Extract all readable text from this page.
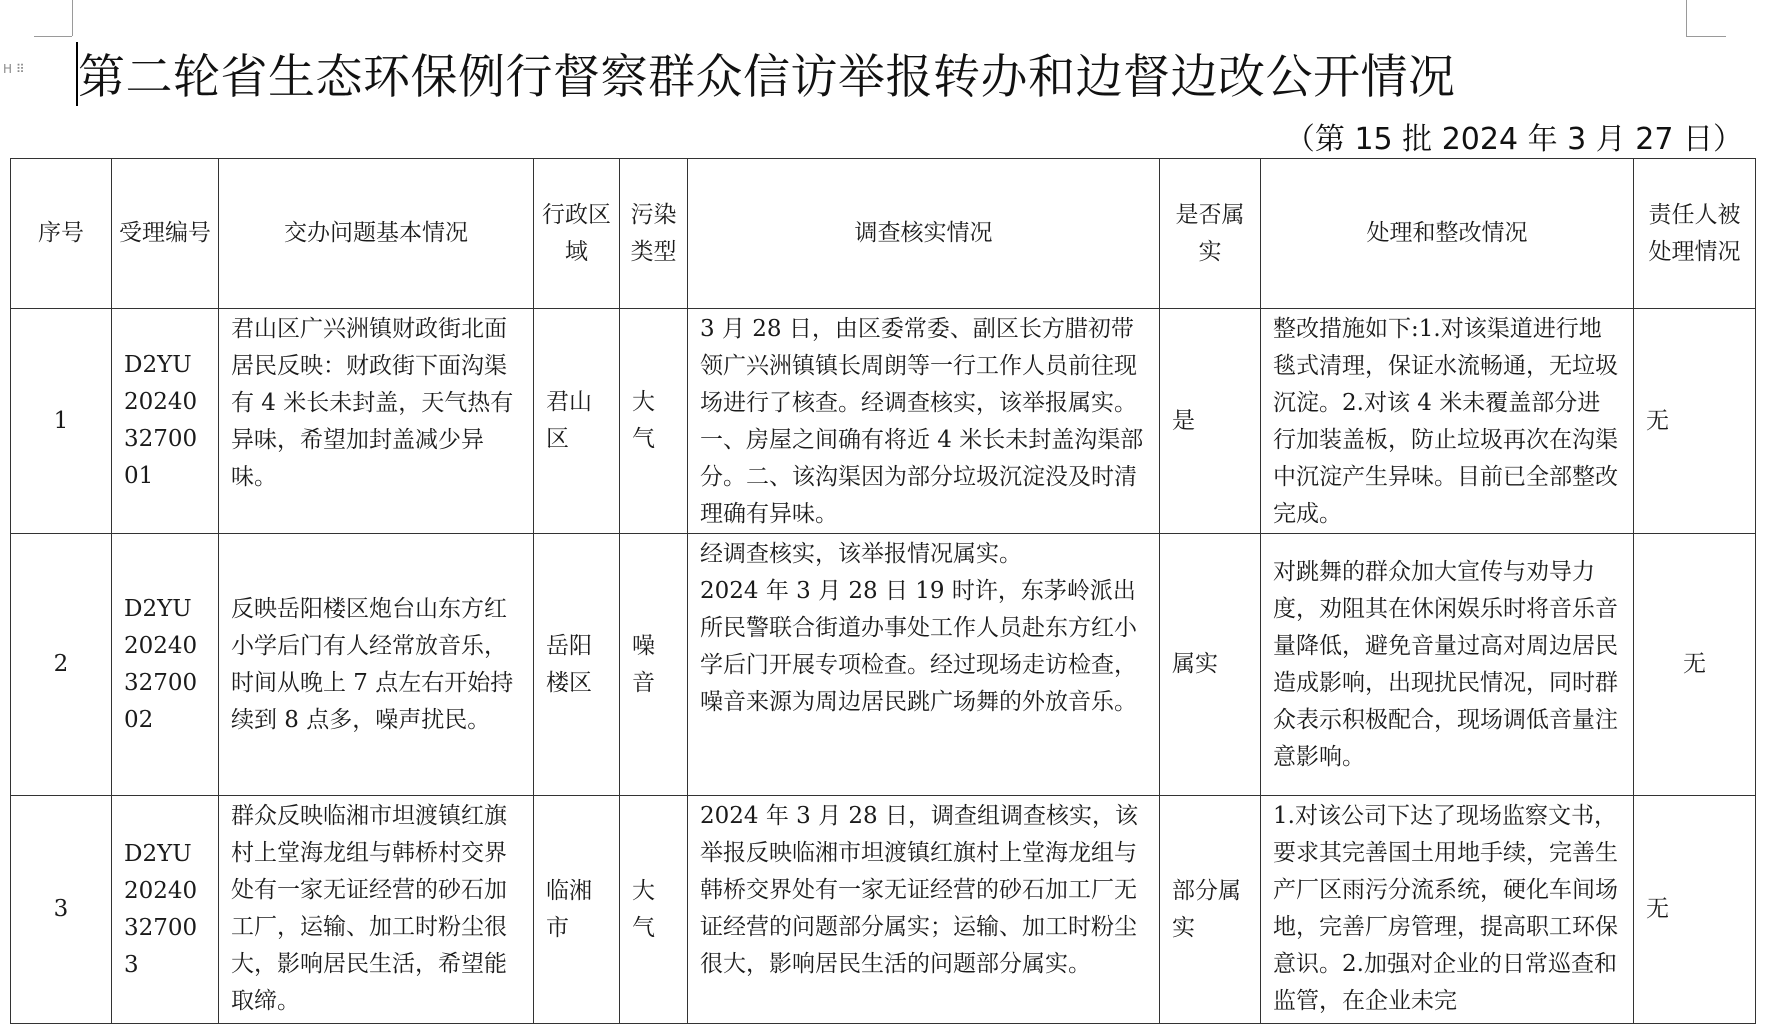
H ⠿ 第二轮省生态环保例行督察群众信访举报转办和边督边改公开情况
（第 15 批 2024 年 3 月 27 日）
序号	受理编号	交办问题基本情况	行政区域	污染类型	调查核实情况	是否属实	处理和整改情况	责任人被处理情况
1	D2YU202403270001	君山区广兴洲镇财政街北面居民反映：财政街下面沟渠有 4 米长未封盖，天气热有异味，希望加封盖减少异味。	君山区	大气	3 月 28 日，由区委常委、副区长方腊初带领广兴洲镇镇长周朗等一行工作人员前往现场进行了核查。经调查核实，该举报属实。一、房屋之间确有将近 4 米长未封盖沟渠部分。二、该沟渠因为部分垃圾沉淀没及时清理确有异味。	是	整改措施如下:1.对该渠道进行地毯式清理，保证水流畅通，无垃圾沉淀。2.对该 4 米未覆盖部分进行加装盖板，防止垃圾再次在沟渠中沉淀产生异味。目前已全部整改完成。	无
2	D2YU202403270002	反映岳阳楼区炮台山东方红小学后门有人经常放音乐，时间从晚上 7 点左右开始持续到 8 点多，噪声扰民。	岳阳楼区	噪音	经调查核实，该举报情况属实。
2024 年 3 月 28 日 19 时许，东茅岭派出所民警联合街道办事处工作人员赴东方红小学后门开展专项检查。经过现场走访检查，噪音来源为周边居民跳广场舞的外放音乐。	属实	对跳舞的群众加大宣传与劝导力度，劝阻其在休闲娱乐时将音乐音量降低，避免音量过高对周边居民造成影响，出现扰民情况，同时群众表示积极配合，现场调低音量注意影响。	无
3	D2YU20240327003	群众反映临湘市坦渡镇红旗村上堂海龙组与韩桥村交界处有一家无证经营的砂石加工厂，运输、加工时粉尘很大，影响居民生活，希望能取缔。	临湘市	大气	2024 年 3 月 28 日，调查组调查核实，该举报反映临湘市坦渡镇红旗村上堂海龙组与韩桥交界处有一家无证经营的砂石加工厂无证经营的问题部分属实；运输、加工时粉尘很大，影响居民生活的问题部分属实。	部分属实	1.对该公司下达了现场监察文书，要求其完善国土用地手续，完善生产厂区雨污分流系统，硬化车间场地，完善厂房管理，提高职工环保意识。2.加强对企业的日常巡查和监管，在企业未完	无
